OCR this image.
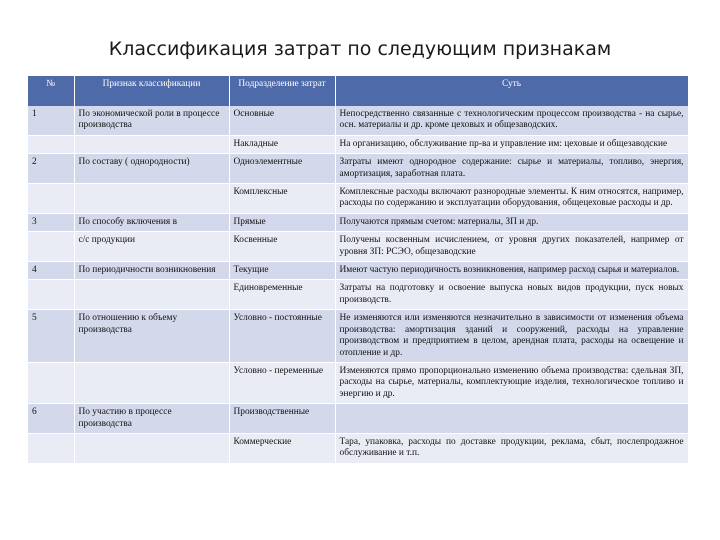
Классификация затрат по следующим признакам
№	Признак классификации	Подразделение затрат	Суть
1	По экономической роли в процессе производства	Основные	Непосредственно связанные с технологическим процессом производства - на сырье, осн. материалы и др. кроме цеховых и общезаводских.
		Накладные	На организацию, обслуживание пр-ва и управление им: цеховые и общезаводские
2	По составу ( однородности)	Одноэлементные	Затраты имеют однородное содержание: сырье и материалы, топливо, энергия, амортизация, заработная плата.
		Комплексные	Комплексные расходы включают разнородные элементы. К ним относятся, например, расходы по содержанию и эксплуатации оборудования, общецеховые расходы и др.
3	По способу включения в	Прямые	Получаются прямым счетом: материалы, ЗП и др.
	с/с продукции	Косвенные	Получены косвенным исчислением, от уровня других показателей, например от уровня ЗП: РСЭО, общезаводские
4	По периодичности возникновения	Текущие	Имеют частую периодичность возникновения, например расход сырья и материалов.
		Единовременные	Затраты на подготовку и освоение выпуска новых видов продукции, пуск новых производств.
5	По отношению к объему производства	Условно - постоянные	Не изменяются или изменяются незначительно в зависимости от изменения объема производства: амортизация зданий и сооружений, расходы на управление производством и предприятием в целом, арендная плата, расходы на освещение и отопление и др.
		Условно - переменные	Изменяются прямо пропорционально изменению объема производства: сдельная ЗП, расходы на сырье, материалы, комплектующие изделия, технологическое топливо и энергию и др.
6	По участию в процессе производства	Производственные	
		Коммерческие	Тара, упаковка, расходы по доставке продукции, реклама, сбыт, послепродажное обслуживание и т.п.
